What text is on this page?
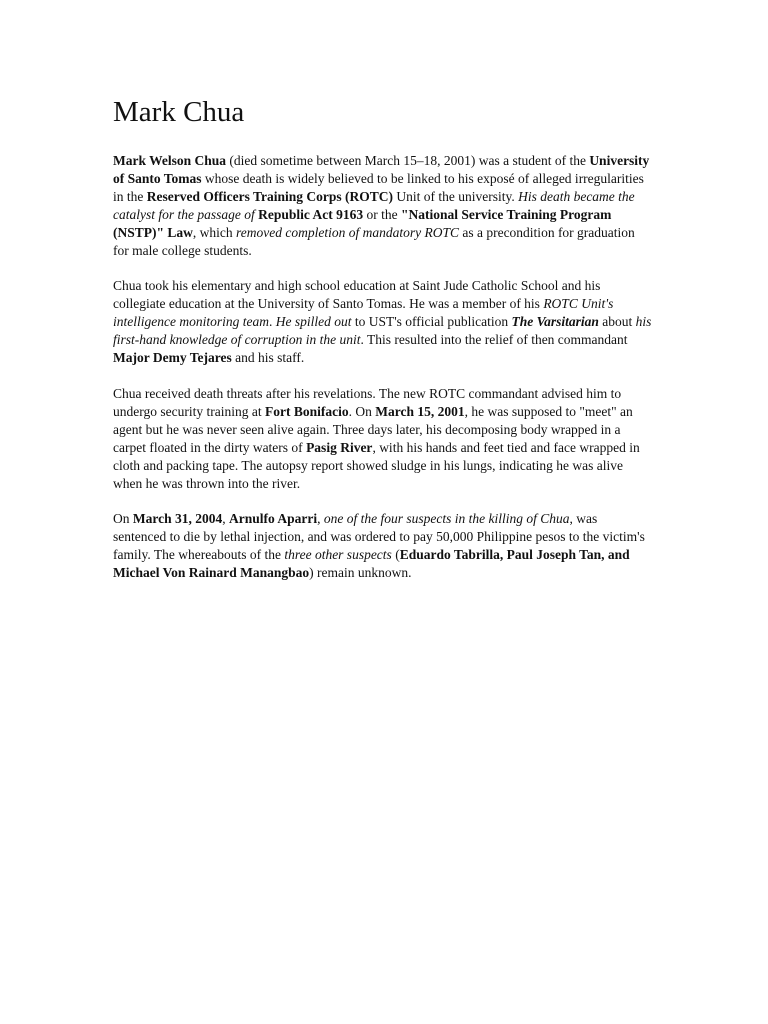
Mark Chua

Mark Welson Chua (died sometime between March 15–18, 2001) was a student of the University of Santo Tomas whose death is widely believed to be linked to his exposé of alleged irregularities in the Reserved Officers Training Corps (ROTC) Unit of the university. His death became the catalyst for the passage of Republic Act 9163 or the "National Service Training Program (NSTP)" Law, which removed completion of mandatory ROTC as a precondition for graduation for male college students.

Chua took his elementary and high school education at Saint Jude Catholic School and his collegiate education at the University of Santo Tomas. He was a member of his ROTC Unit's intelligence monitoring team. He spilled out to UST's official publication The Varsitarian about his first-hand knowledge of corruption in the unit. This resulted into the relief of then commandant Major Demy Tejares and his staff.

Chua received death threats after his revelations. The new ROTC commandant advised him to undergo security training at Fort Bonifacio. On March 15, 2001, he was supposed to "meet" an agent but he was never seen alive again. Three days later, his decomposing body wrapped in a carpet floated in the dirty waters of Pasig River, with his hands and feet tied and face wrapped in cloth and packing tape. The autopsy report showed sludge in his lungs, indicating he was alive when he was thrown into the river.

On March 31, 2004, Arnulfo Aparri, one of the four suspects in the killing of Chua, was sentenced to die by lethal injection, and was ordered to pay 50,000 Philippine pesos to the victim's family. The whereabouts of the three other suspects (Eduardo Tabrilla, Paul Joseph Tan, and Michael Von Rainard Manangbao) remain unknown.
